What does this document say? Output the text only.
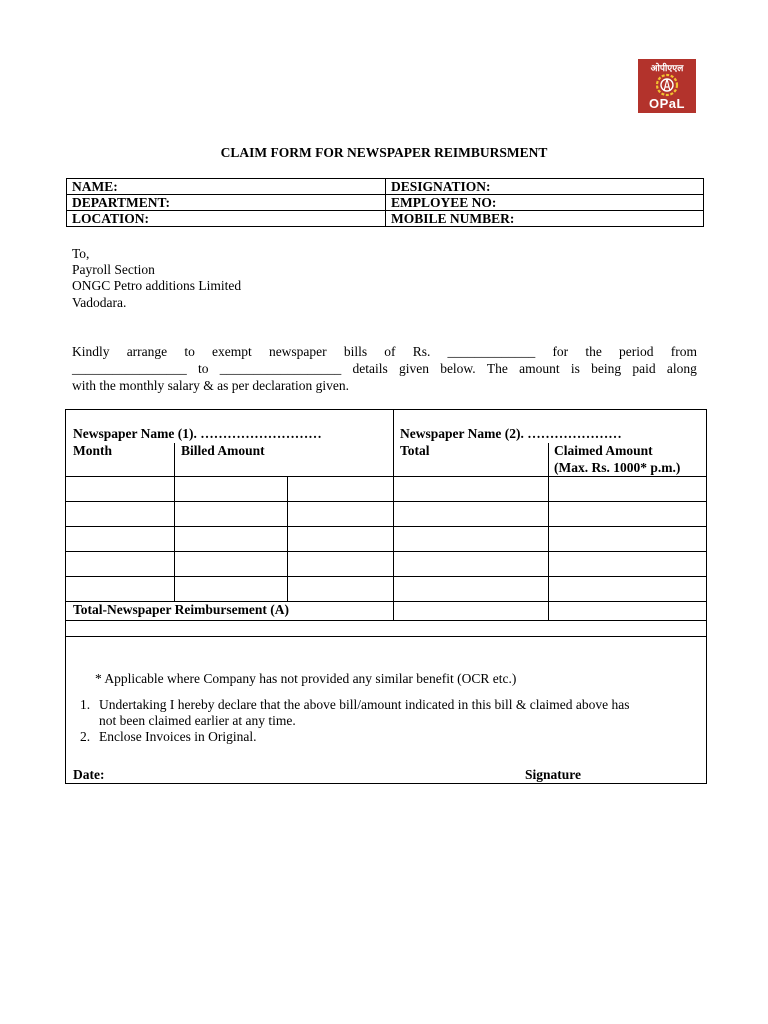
ओपीएएल
OPaL
CLAIM FORM FOR NEWSPAPER REIMBURSMENT
NAME:	DESIGNATION:
DEPARTMENT:	EMPLOYEE NO:
LOCATION:	MOBILE NUMBER:
To,
Payroll Section
ONGC Petro additions Limited
Vadodara.
Kindly arrange to exempt newspaper bills of Rs. _____________ for the period from
_________________ to __________________ details given below. The amount is being paid along
with the monthly salary & as per declaration given.
Newspaper Name (1). ………………………	Newspaper Name (2). …………………
Month	Billed Amount	Total	Claimed Amount
(Max. Rs. 1000* p.m.)
Total-Newspaper Reimbursement (A)
* Applicable where Company has not provided any similar benefit (OCR etc.)
1. Undertaking I hereby declare that the above bill/amount indicated in this bill & claimed above has
not been claimed earlier at any time.
2. Enclose Invoices in Original.
Date:	Signature
